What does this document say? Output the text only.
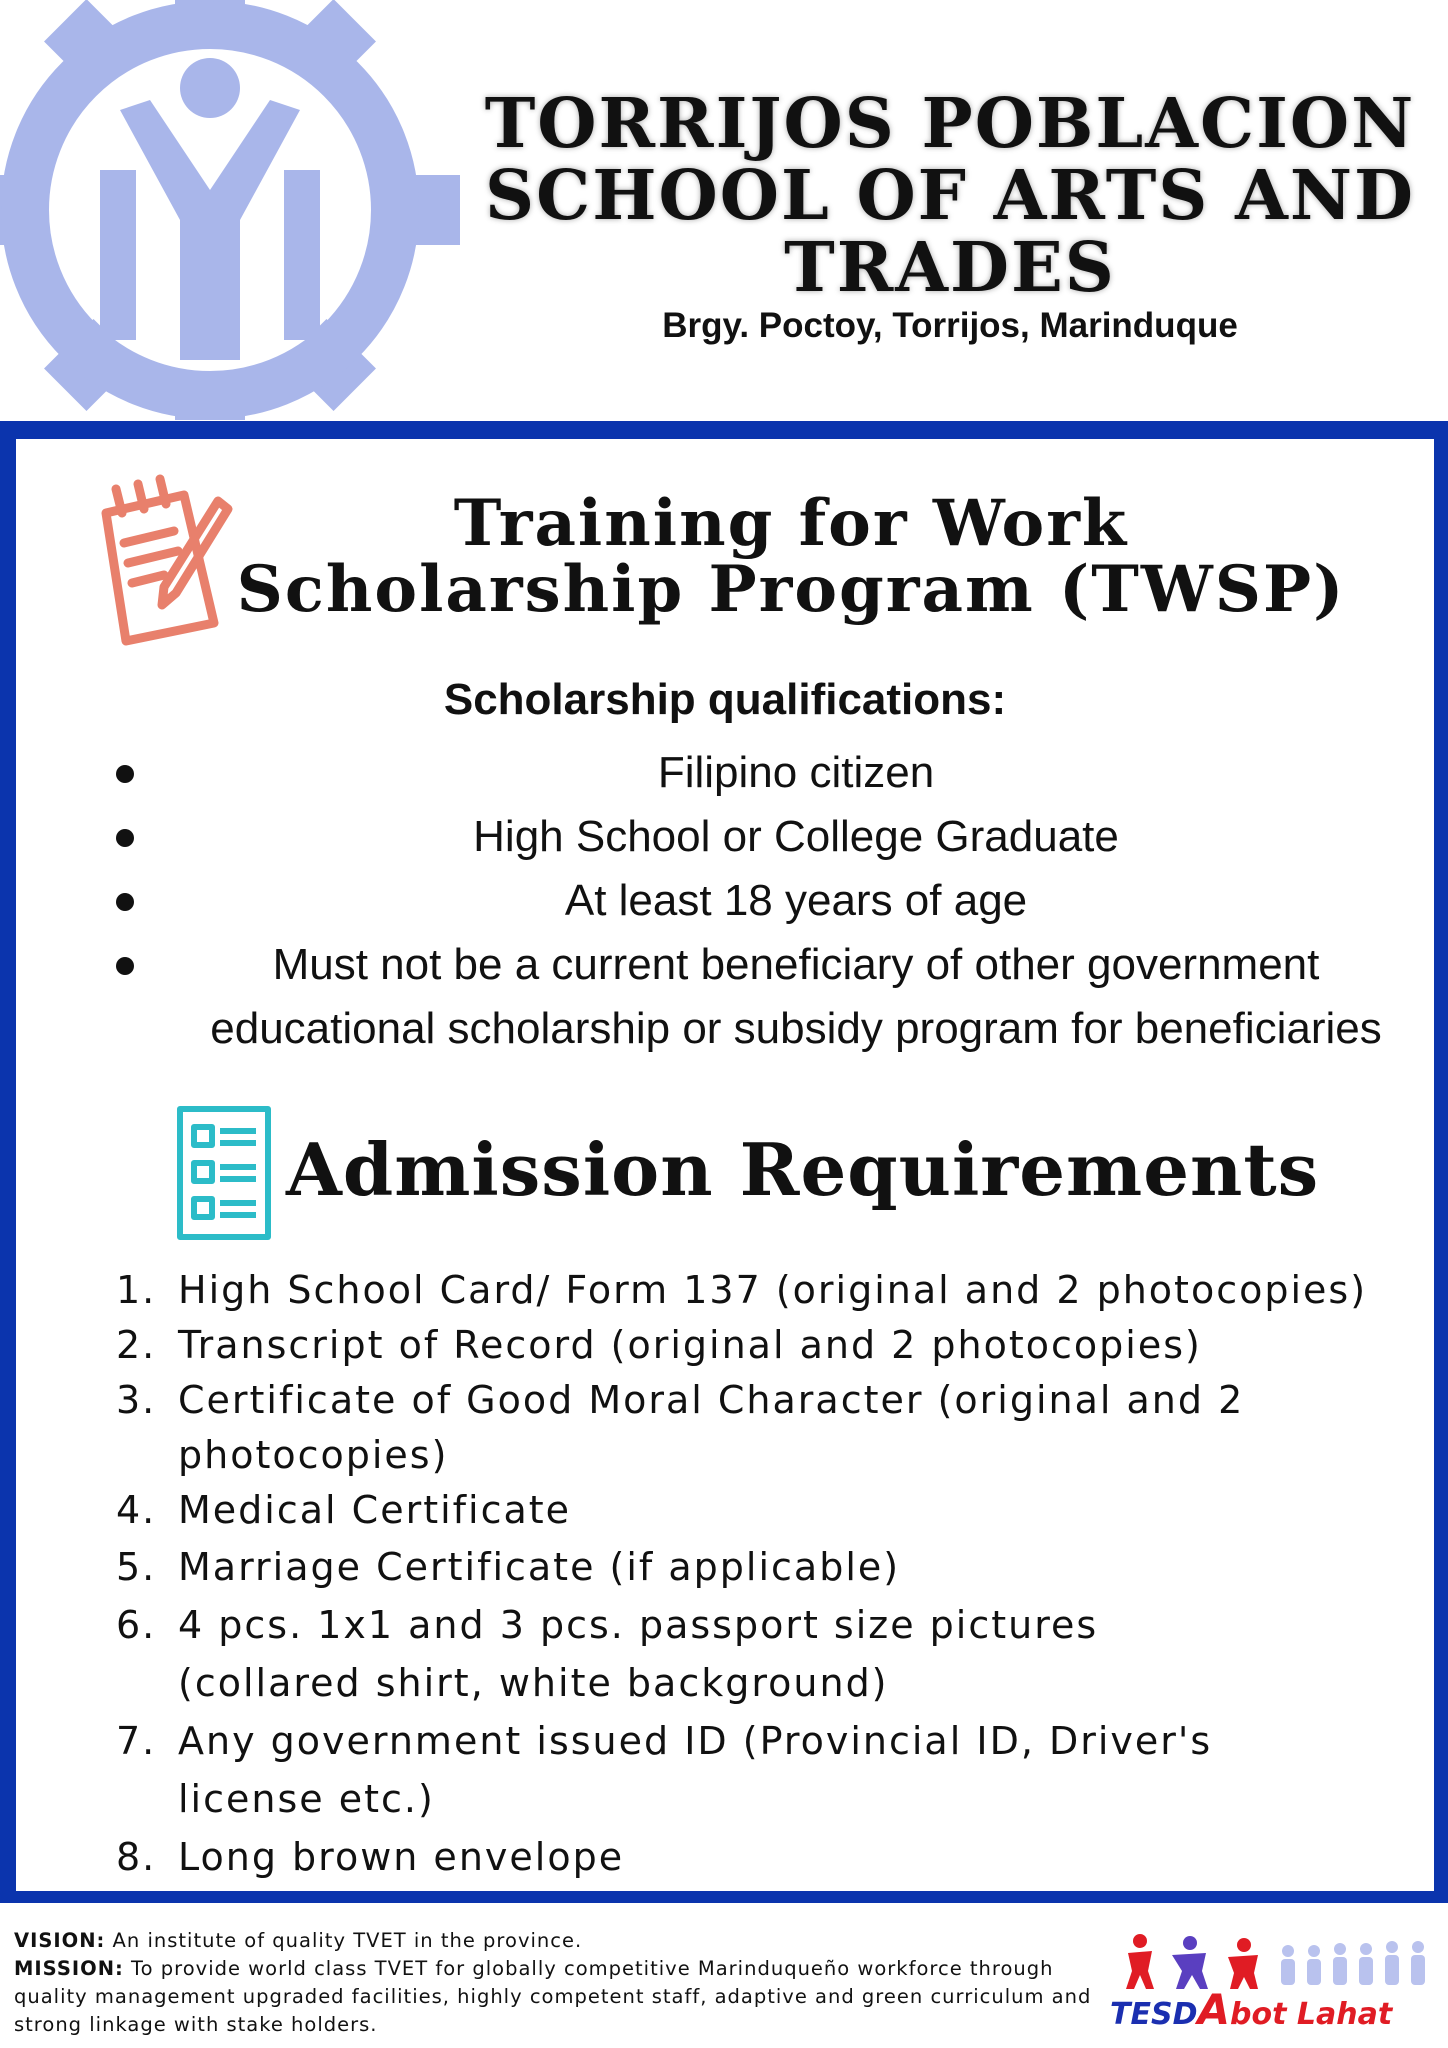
TORRIJOS POBLACION
SCHOOL OF ARTS AND
TRADES
Brgy. Poctoy, Torrijos, Marinduque
Training for Work
Scholarship Program (TWSP)
Scholarship qualifications:
Filipino citizen
High School or College Graduate
At least 18 years of age
Must not be a current beneficiary of other government educational scholarship or subsidy program for beneficiaries
Admission Requirements
1. High School Card/ Form 137 (original and 2 photocopies)
2. Transcript of Record (original and 2 photocopies)
3. Certificate of Good Moral Character (original and 2 photocopies)
4. Medical Certificate
5. Marriage Certificate (if applicable)
6. 4 pcs. 1x1 and 3 pcs. passport size pictures (collared shirt, white background)
7. Any government issued ID (Provincial ID, Driver's license etc.)
8. Long brown envelope
VISION: An institute of quality TVET in the province.
MISSION: To provide world class TVET for globally competitive Marinduqueño workforce through quality management upgraded facilities, highly competent staff, adaptive and green curriculum and strong linkage with stake holders.	TESDAbot Lahat
